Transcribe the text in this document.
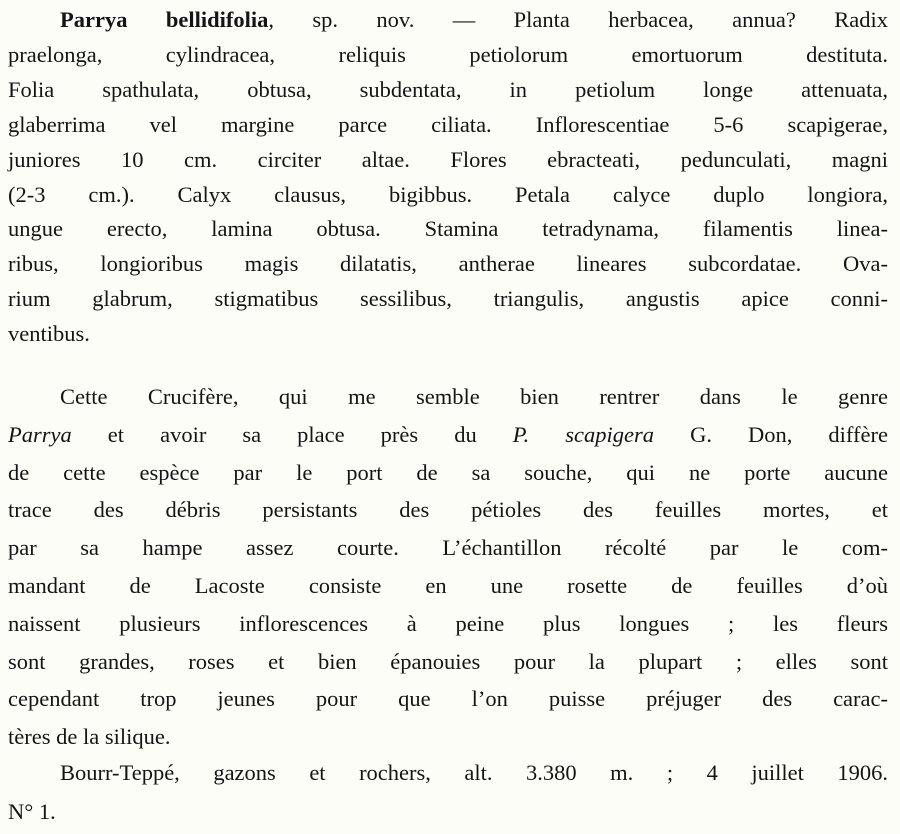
Parrya bellidifolia, sp. nov. — Planta herbacea, annua? Radix
praelonga, cylindracea, reliquis petiolorum emortuorum destituta.
Folia spathulata, obtusa, subdentata, in petiolum longe attenuata,
glaberrima vel margine parce ciliata. Inflorescentiae 5-6 scapigerae,
juniores 10 cm. circiter altae. Flores ebracteati, pedunculati, magni
(2-3 cm.). Calyx clausus, bigibbus. Petala calyce duplo longiora,
ungue erecto, lamina obtusa. Stamina tetradynama, filamentis linea-
ribus, longioribus magis dilatatis, antherae lineares subcordatae. Ova-
rium glabrum, stigmatibus sessilibus, triangulis, angustis apice conni-
ventibus.
Cette Crucifère, qui me semble bien rentrer dans le genre
Parrya et avoir sa place près du P. scapigera G. Don, diffère
de cette espèce par le port de sa souche, qui ne porte aucune
trace des débris persistants des pétioles des feuilles mortes, et
par sa hampe assez courte. L’échantillon récolté par le com-
mandant de Lacoste consiste en une rosette de feuilles d’où
naissent plusieurs inflorescences à peine plus longues ; les fleurs
sont grandes, roses et bien épanouies pour la plupart ; elles sont
cependant trop jeunes pour que l’on puisse préjuger des carac-
tères de la silique.
Bourr-Teppé, gazons et rochers, alt. 3.380 m. ; 4 juillet 1906.
N° 1.
